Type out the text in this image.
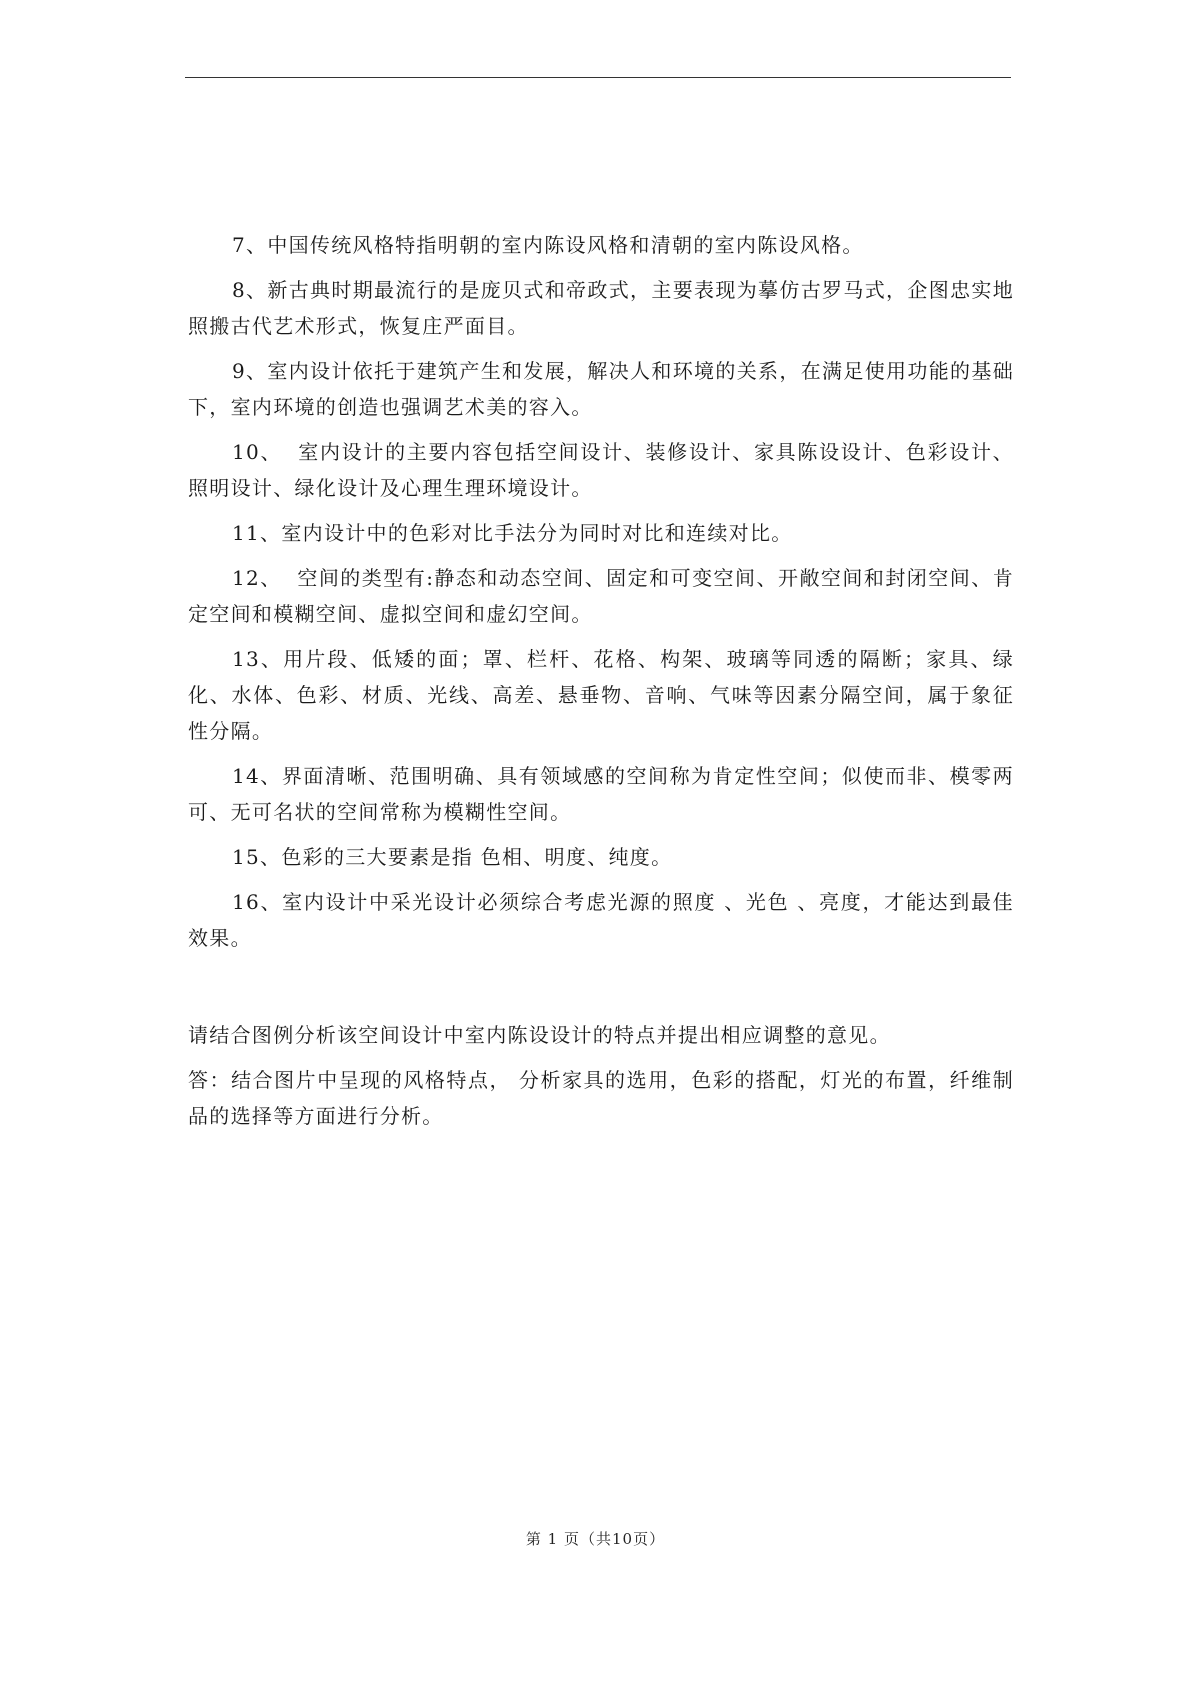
7、中国传统风格特指明朝的室内陈设风格和清朝的室内陈设风格。

8、新古典时期最流行的是庞贝式和帝政式，主要表现为摹仿古罗马式，企图忠实地照搬古代艺术形式，恢复庄严面目。

9、室内设计依托于建筑产生和发展，解决人和环境的关系，在满足使用功能的基础下，室内环境的创造也强调艺术美的容入。

10、  室内设计的主要内容包括空间设计、装修设计、家具陈设设计、色彩设计、照明设计、绿化设计及心理生理环境设计。

11、室内设计中的色彩对比手法分为同时对比和连续对比。

12、  空间的类型有:静态和动态空间、固定和可变空间、开敞空间和封闭空间、肯定空间和模糊空间、虚拟空间和虚幻空间。

13、用片段、低矮的面；罩、栏杆、花格、构架、玻璃等同透的隔断；家具、绿化、水体、色彩、材质、光线、高差、悬垂物、音响、气味等因素分隔空间，属于象征性分隔。

14、界面清晰、范围明确、具有领域感的空间称为肯定性空间；似使而非、模零两可、无可名状的空间常称为模糊性空间。

15、色彩的三大要素是指 色相、明度、纯度。

16、室内设计中采光设计必须综合考虑光源的照度 、光色 、亮度，才能达到最佳效果。

请结合图例分析该空间设计中室内陈设设计的特点并提出相应调整的意见。

答：结合图片中呈现的风格特点， 分析家具的选用，色彩的搭配，灯光的布置，纤维制品的选择等方面进行分析。

第 1 页（共10页）
